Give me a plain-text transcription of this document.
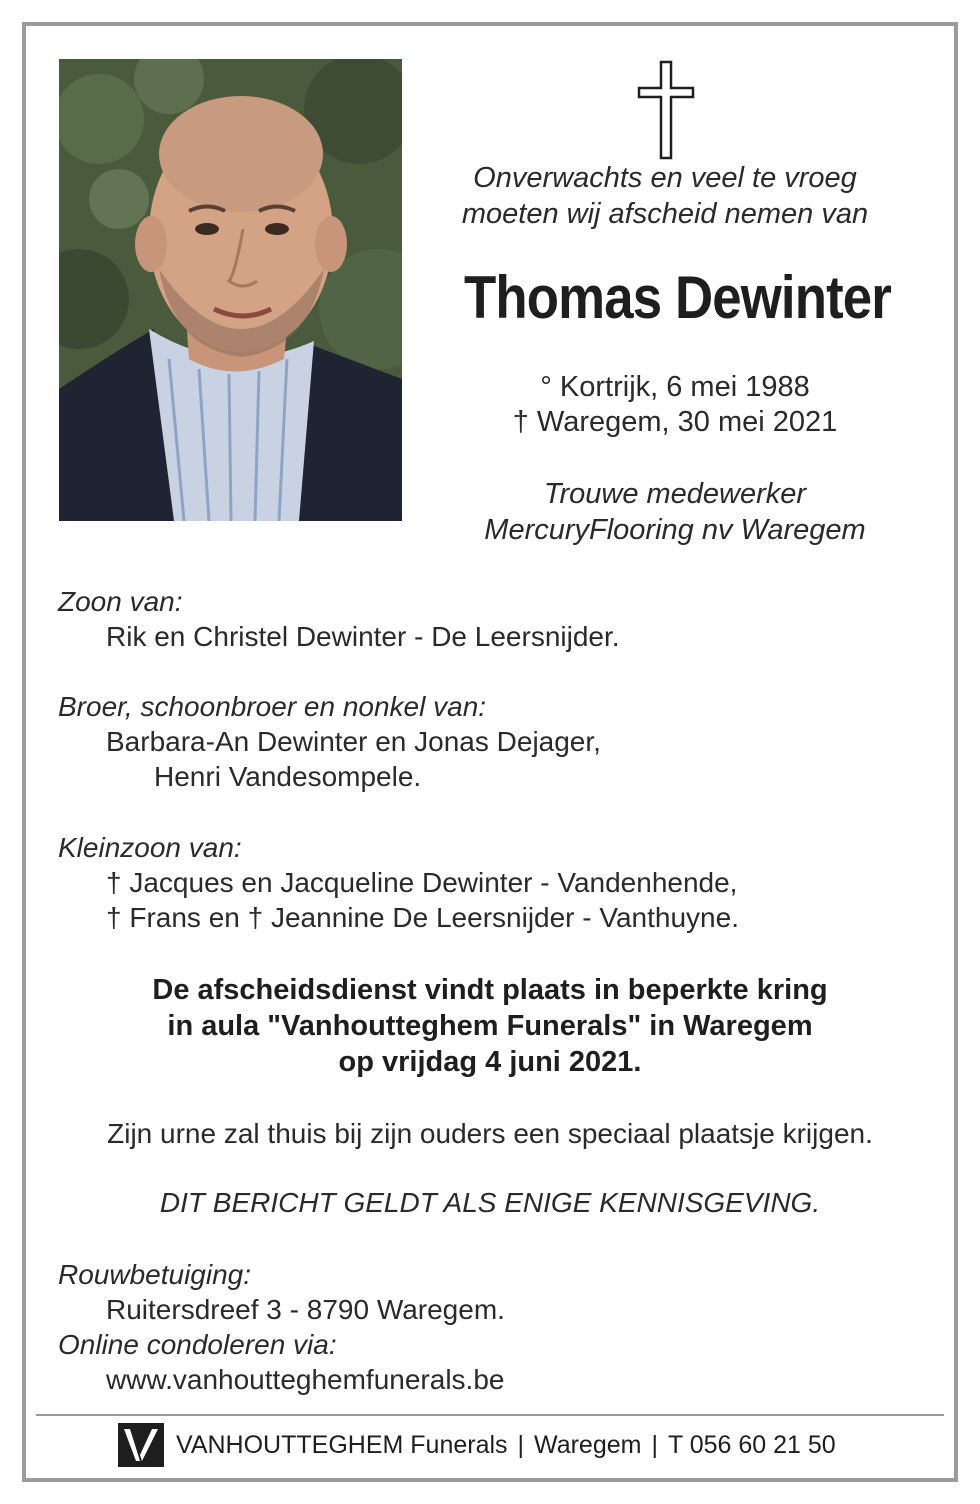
Onverwachts en veel te vroeg
moeten wij afscheid nemen van
Thomas Dewinter
° Kortrijk, 6 mei 1988
† Waregem, 30 mei 2021
Trouwe medewerker
MercuryFlooring nv Waregem
Zoon van:
Rik en Christel Dewinter - De Leersnijder.
Broer, schoonbroer en nonkel van:
Barbara-An Dewinter en Jonas Dejager,
Henri Vandesompele.
Kleinzoon van:
† Jacques en Jacqueline Dewinter - Vandenhende,
† Frans en † Jeannine De Leersnijder - Vanthuyne.
De afscheidsdienst vindt plaats in beperkte kring
in aula "Vanhoutteghem Funerals" in Waregem
op vrijdag 4 juni 2021.
Zijn urne zal thuis bij zijn ouders een speciaal plaatsje krijgen.
DIT BERICHT GELDT ALS ENIGE KENNISGEVING.
Rouwbetuiging:
Ruitersdreef 3 - 8790 Waregem.
Online condoleren via:
www.vanhoutteghemfunerals.be
VANHOUTTEGHEM Funerals | Waregem | T 056 60 21 50
